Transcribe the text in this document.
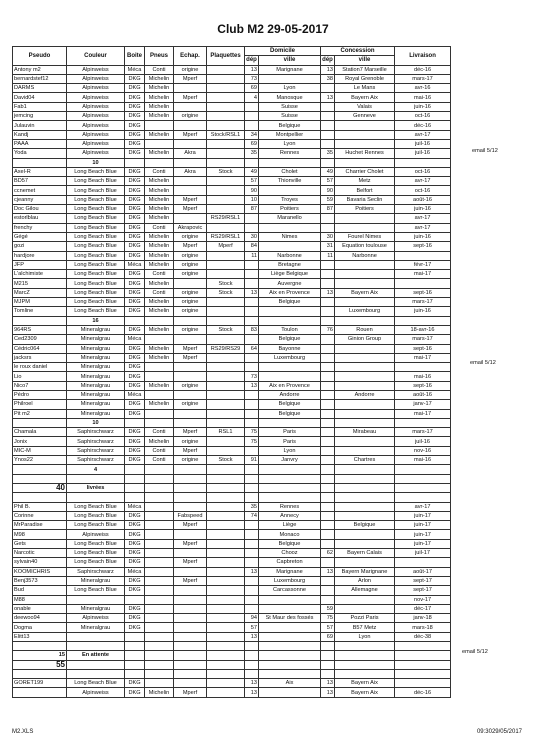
Club M2 29-05-2017
Pseudo	Couleur	Boite	Pneus	Echap.	Plaquettes	Domicile		Concession		Livraison
						dép	ville	dép	ville	
Antony m2	Alpinweiss	Méca	Conti	origine		13	Marignane	13	Station7 Marseille	déc-16
bernardstef12	Alpinweiss	DKG	Michelin	Mperf		73		38	Royal Grenoble	mars-17
DARMS	Alpinweiss	DKG	Michelin			69	Lyon		Le Mans	avr-16
David04	Alpinweiss	DKG	Michelin	Mperf		4	Manosque	13	Bayern Aix	mai-16
Fab1	Alpinweiss	DKG	Michelin				Suisse		Valais	juin-16
jemcing	Alpinweiss	DKG	Michelin	origine			Suisse		Genneve	oct-16
Julauvin	Alpinweiss	DKG					Belgique			déc-16
Kandj	Alpinweiss	DKG	Michelin	Mperf	Stock/RSL1	34	Montpellier			avr-17
PAAA	Alpinweiss	DKG				69	Lyon			juil-16
Yoda	Alpinweiss	DKG	Michelin	Akra		35	Rennes	35	Huchet Rennes	juil-16
	10									
Axel-R	Long Beach Blue	DKG	Conti	Akra	Stock	49	Cholet	49	Charrier Cholet	oct-16
BD57	Long Beach Blue	DKG	Michelin			57	Thionville	57	Metz	avr-17
ccnemet	Long Beach Blue	DKG	Michelin			90		90	Belfort	oct-16
cjeanny	Long Beach Blue	DKG	Michelin	Mperf		10	Troyes	59	Bavaria Seclin	août-16
Doc Gilou	Long Beach Blue	DKG	Michelin	Mperf		87	Poitiers	87	Poitiers	juin-16
estorlblau	Long Beach Blue	DKG	Michelin		RS29/RSL1		Maranello			avr-17
frenchy	Long Beach Blue	DKG	Conti	Akrapovic						avr-17
Gégé	Long Beach Blue	DKG	Michelin	origine	RS29/RSL1	30	Nimes	30	Fourel Nimes	juin-16
gozi	Long Beach Blue	DKG	Michelin	Mperf	Mperf	84		31	Equation toulouse	sept-16
hardjore	Long Beach Blue	DKG	Michelin	origine		11	Narbonne	11	Narbonne	
JFP	Long Beach Blue	Méca	Michelin	origine			Bretagne			févr-17
L'alchimiste	Long Beach Blue	DKG	Conti	origine			Liège Belgique			mai-17
M215	Long Beach Blue	DKG	Michelin		Stock		Auvergne			
MarcZ	Long Beach Blue	DKG	Conti	origine	Stock	13	Aix en Provence	13	Bayern Aix	sept-16
MJPM	Long Beach Blue	DKG	Michelin	origine			Belgique			mars-17
Tomline	Long Beach Blue	DKG	Michelin	origine					Luxembourg	juin-16
	16									
964RS	Mineralgrau	DKG	Michelin	origine	Stock	83	Toulon	76	Rouen	18-avr-16
Ced2309	Mineralgrau	Méca					Belgique		Ginion Group	mars-17
Cédric064	Mineralgrau	DKG	Michelin	Mperf	RS29/RS29	64	Bayonne			sept-16
jacksrs	Mineralgrau	DKG	Michelin	Mperf			Luxembourg			mai-17
le roux daniel	Mineralgrau	DKG								
Lio	Mineralgrau	DKG				73				mai-16
Nico7	Mineralgrau	DKG	Michelin	origine		13	Aix en Provence			sept-16
Pédro	Mineralgrau	Méca					Andorre		Andorre	août-16
Philroel	Mineralgrau	DKG	Michelin	origine			Belgique			janv-17
Pit m2	Mineralgrau	DKG					Belgique			mai-17
	10									
Chamala	Saphirschwarz	DKG	Conti	Mperf	RSL1	75	Paris		Mirabeau	mars-17
Jonix	Saphirschwarz	DKG	Michelin	origine		75	Paris			juil-16
MIC-M	Saphirschwarz	DKG	Conti	Mperf			Lyon			nov-16
Ynos22	Saphirschwarz	DKG	Conti	origine	Stock	91	Janvry		Chartres	mai-16
	4									

40	livrées									

Phil B.	Long Beach Blue	Méca				35	Rennes			avr-17
Corinne	Long Beach Blue	DKG		Fabspeed		74	Annecy			juin-17
MrParadise	Long Beach Blue	DKG		Mperf			Liège		Belgique	juin-17
M98	Alpinweiss	DKG					Monaco			juin-17
Gets	Long Beach Blue	DKG		Mperf			Belgique			juin-17
Narcotic	Long Beach Blue	DKG					Chooz	62	Bayern Calais	juil-17
sylvain40	Long Beach Blue	DKG		Mperf			Capbreton			
KOOMICHRIS	Saphirschwarz	Méca				13	Marignane	13	Bayern Marignane	août-17
Benj3573	Mineralgrau	DKG		Mperf			Luxembourg		Arlon	sept-17
Bud	Long Beach Blue	DKG					Carcassonne		Allemagne	sept-17
M88										nov-17
onable	Mineralgrau	DKG						59		déc-17
deewoo94	Alpinweiss	DKG				94	St Maur des fossés	75	Pozzi Paris	janv-18
Dogma	Mineralgrau	DKG				57		57	B57 Metz	mars-18
Elitt13						13		69	Lyon	déc-38

15	En attente									
55										

GORET199	Long Beach Blue	DKG				13	Aix	13	Bayern Aix	
	Alpinweiss	DKG	Michelin	Mperf		13		13	Bayern Aix	déc-16
email 5/12
email 5/12
email 5/12
M2.XLS	09:3029/05/2017
